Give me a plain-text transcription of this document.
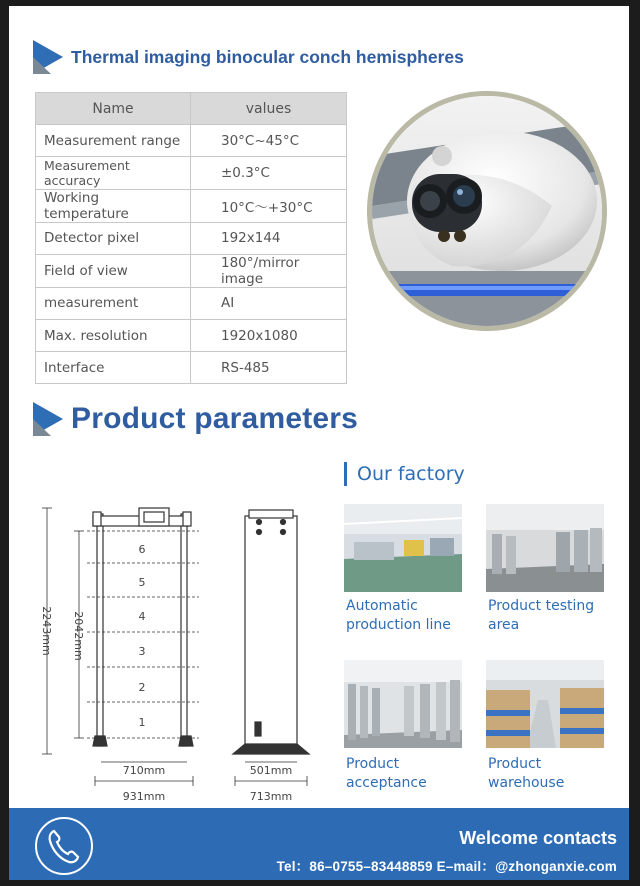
Thermal imaging binocular conch hemispheres
Name	values
Measurement range	30°C~45°C
Measurement accuracy	±0.3°C
Working temperature	10°C～+30°C
Detector pixel	192x144
Field of view	180°/mirror image
measurement	AI
Max. resolution	1920x1080
Interface	RS-485
Product parameters
6
5
4
3
2
1
2243mm 2042mm
710mm
931mm
501mm
713mm
Our factory
Automatic
production line
Product testing
area
Product
acceptance
Product
warehouse
Welcome contacts
Tel：86–0755–83448859 E–mail：@zhonganxie.com
